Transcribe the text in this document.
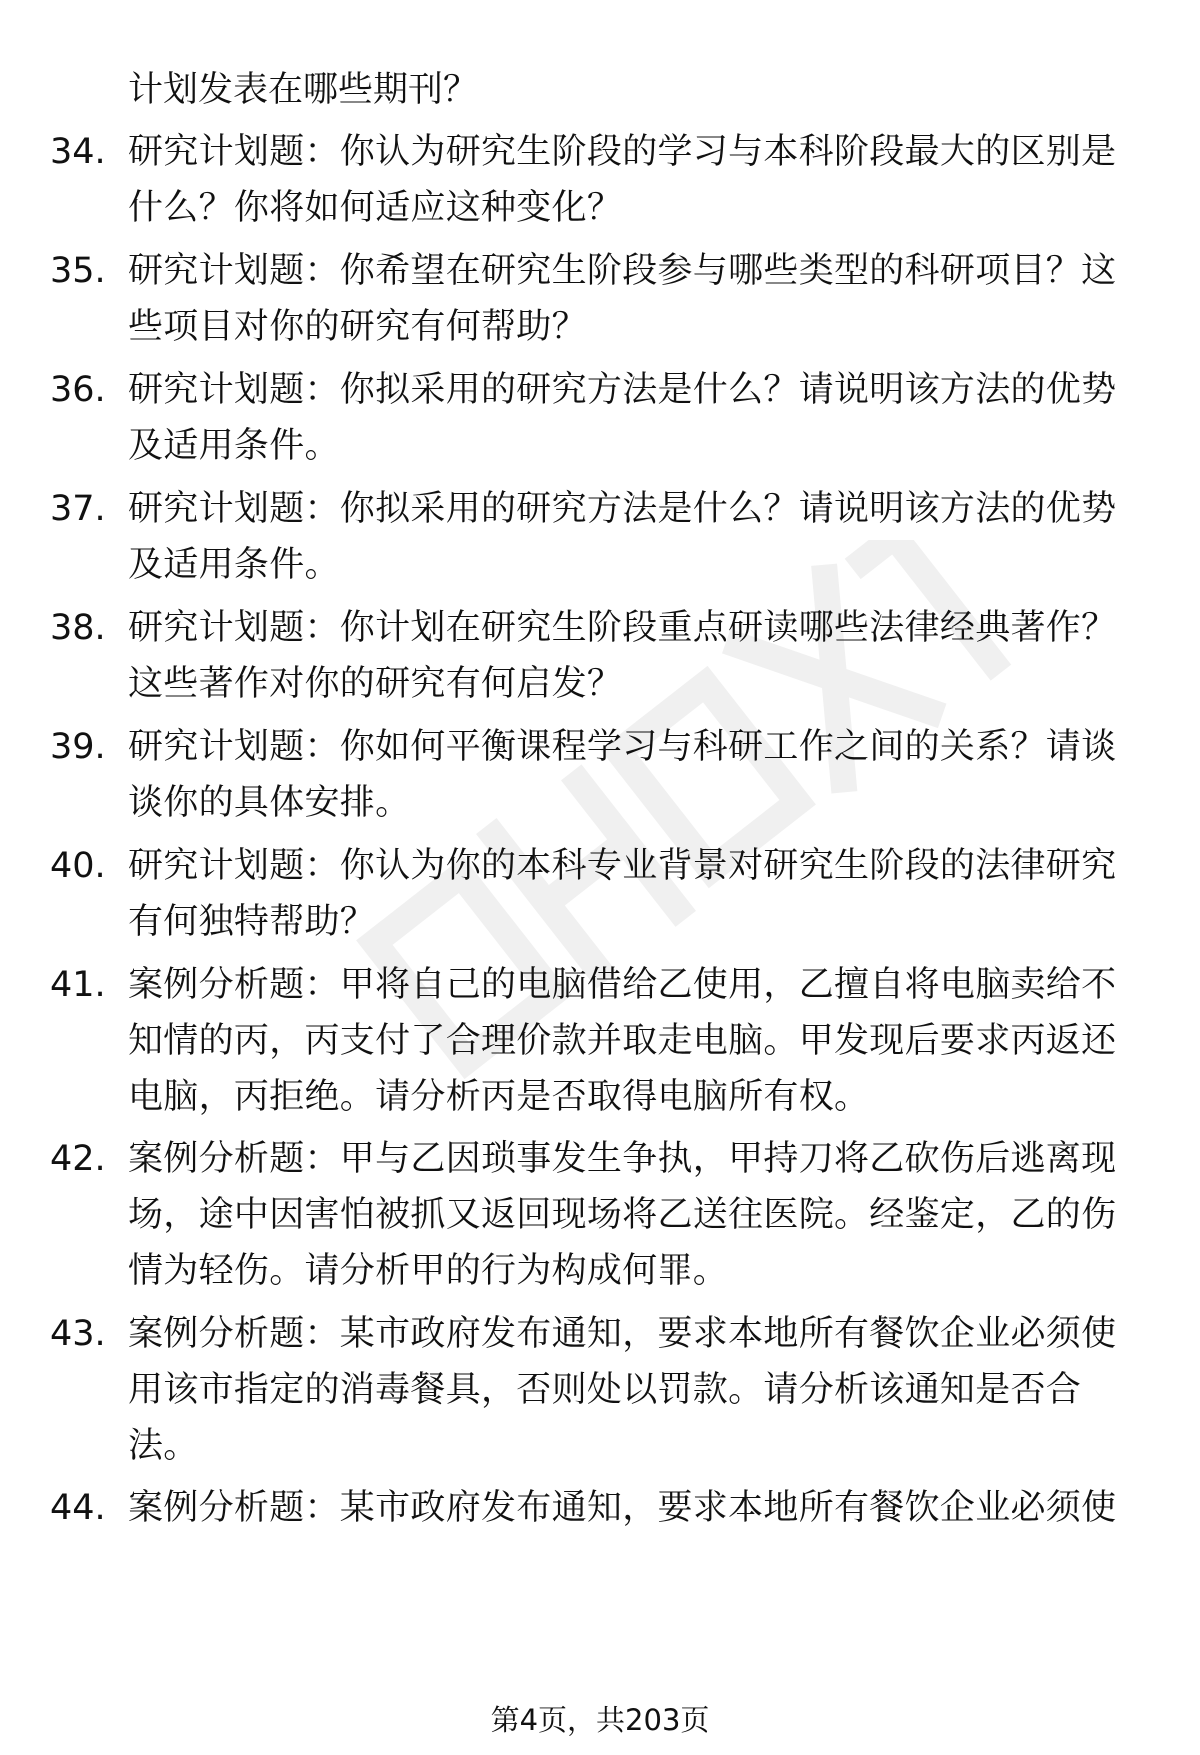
计划发表在哪些期刊？
34. 研究计划题：你认为研究生阶段的学习与本科阶段最大的区别是什么？你将如何适应这种变化？
35. 研究计划题：你希望在研究生阶段参与哪些类型的科研项目？这些项目对你的研究有何帮助？
36. 研究计划题：你拟采用的研究方法是什么？请说明该方法的优势及适用条件。
37. 研究计划题：你拟采用的研究方法是什么？请说明该方法的优势及适用条件。
38. 研究计划题：你计划在研究生阶段重点研读哪些法律经典著作？这些著作对你的研究有何启发？
39. 研究计划题：你如何平衡课程学习与科研工作之间的关系？请谈谈你的具体安排。
40. 研究计划题：你认为你的本科专业背景对研究生阶段的法律研究有何独特帮助？
41. 案例分析题：甲将自己的电脑借给乙使用，乙擅自将电脑卖给不知情的丙，丙支付了合理价款并取走电脑。甲发现后要求丙返还电脑，丙拒绝。请分析丙是否取得电脑所有权。
42. 案例分析题：甲与乙因琐事发生争执，甲持刀将乙砍伤后逃离现场，途中因害怕被抓又返回现场将乙送往医院。经鉴定，乙的伤情为轻伤。请分析甲的行为构成何罪。
43. 案例分析题：某市政府发布通知，要求本地所有餐饮企业必须使用该市指定的消毒餐具，否则处以罚款。请分析该通知是否合法。
44. 案例分析题：某市政府发布通知，要求本地所有餐饮企业必须使
第4页，共203页
